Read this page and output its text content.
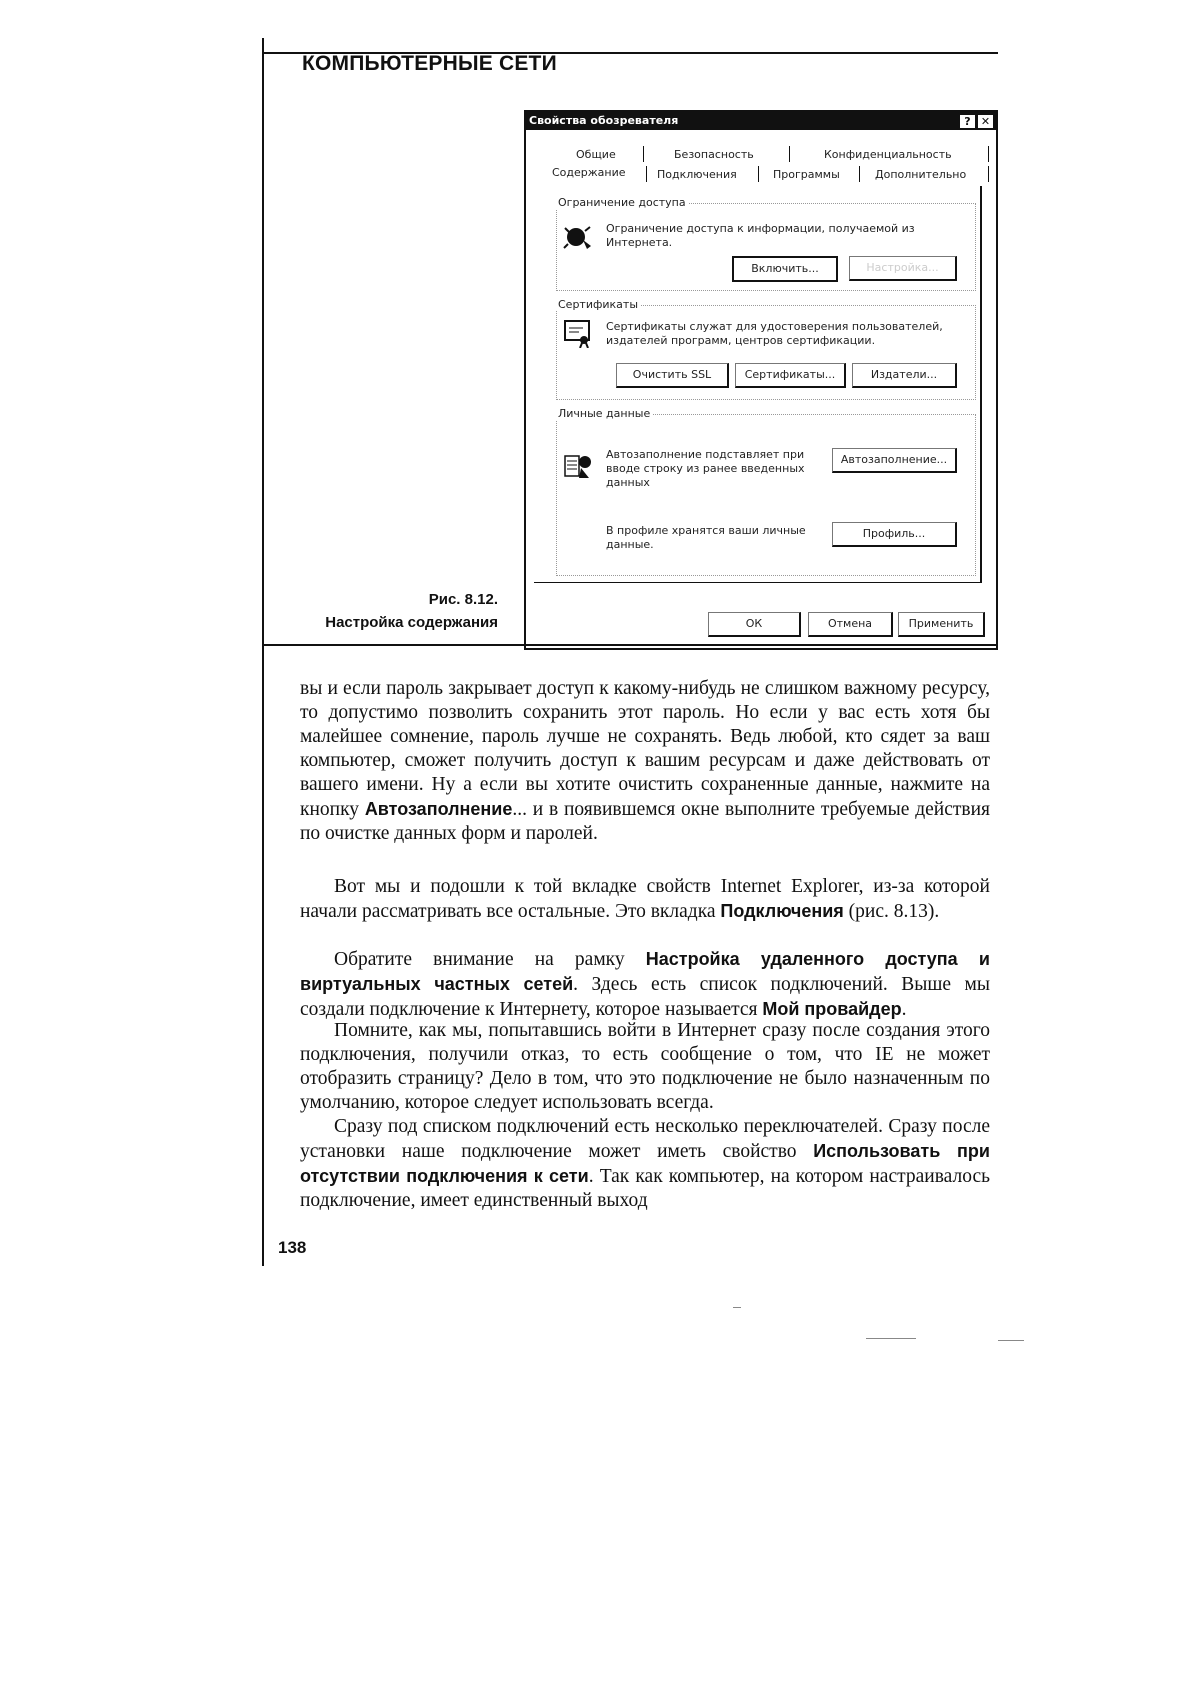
КОМПЬЮТЕРНЫЕ СЕТИ
Рис. 8.12.
Настройка содержания
Свойства обозревателя	? ✕
Общие	Безопасность	Конфиденциальность
Содержание	Подключения	Программы	Дополнительно
Ограничение доступа
Ограничение доступа к информации, получаемой из Интернета.
Включить...	Настройка...
Сертификаты
Сертификаты служат для удостоверения пользователей, издателей программ, центров сертификации.
Очистить SSL	Сертификаты...	Издатели...
Личные данные
Автозаполнение подставляет при вводе строку из ранее введенных данных
Автозаполнение...
В профиле хранятся ваши личные данные.
Профиль...
ОК	Отмена	Применить
вы и если пароль закрывает доступ к какому-нибудь не слишком важному ресурсу, то допустимо позволить сохранить этот пароль. Но если у вас есть хотя бы малейшее сомнение, пароль лучше не сохранять. Ведь любой, кто сядет за ваш компьютер, сможет получить доступ к вашим ресурсам и даже действовать от вашего имени. Ну а если вы хотите очистить сохраненные данные, нажмите на кнопку Автозаполнение... и в появившемся окне выполните требуемые действия по очистке данных форм и паролей.
Вот мы и подошли к той вкладке свойств Internet Explorer, из-за которой начали рассматривать все остальные. Это вкладка Подключения (рис. 8.13).
Обратите внимание на рамку Настройка удаленного доступа и виртуальных частных сетей. Здесь есть список подключений. Выше мы создали подключение к Интернету, которое называется Мой провайдер.
Помните, как мы, попытавшись войти в Интернет сразу после создания этого подключения, получили отказ, то есть сообщение о том, что IE не может отобразить страницу? Дело в том, что это подключение не было назначенным по умолчанию, которое следует использовать всегда.
Сразу под списком подключений есть несколько переключателей. Сразу после установки наше подключение может иметь свойство Использовать при отсутствии подключения к сети. Так как компьютер, на котором настраивалось подключение, имеет единственный выход
138
